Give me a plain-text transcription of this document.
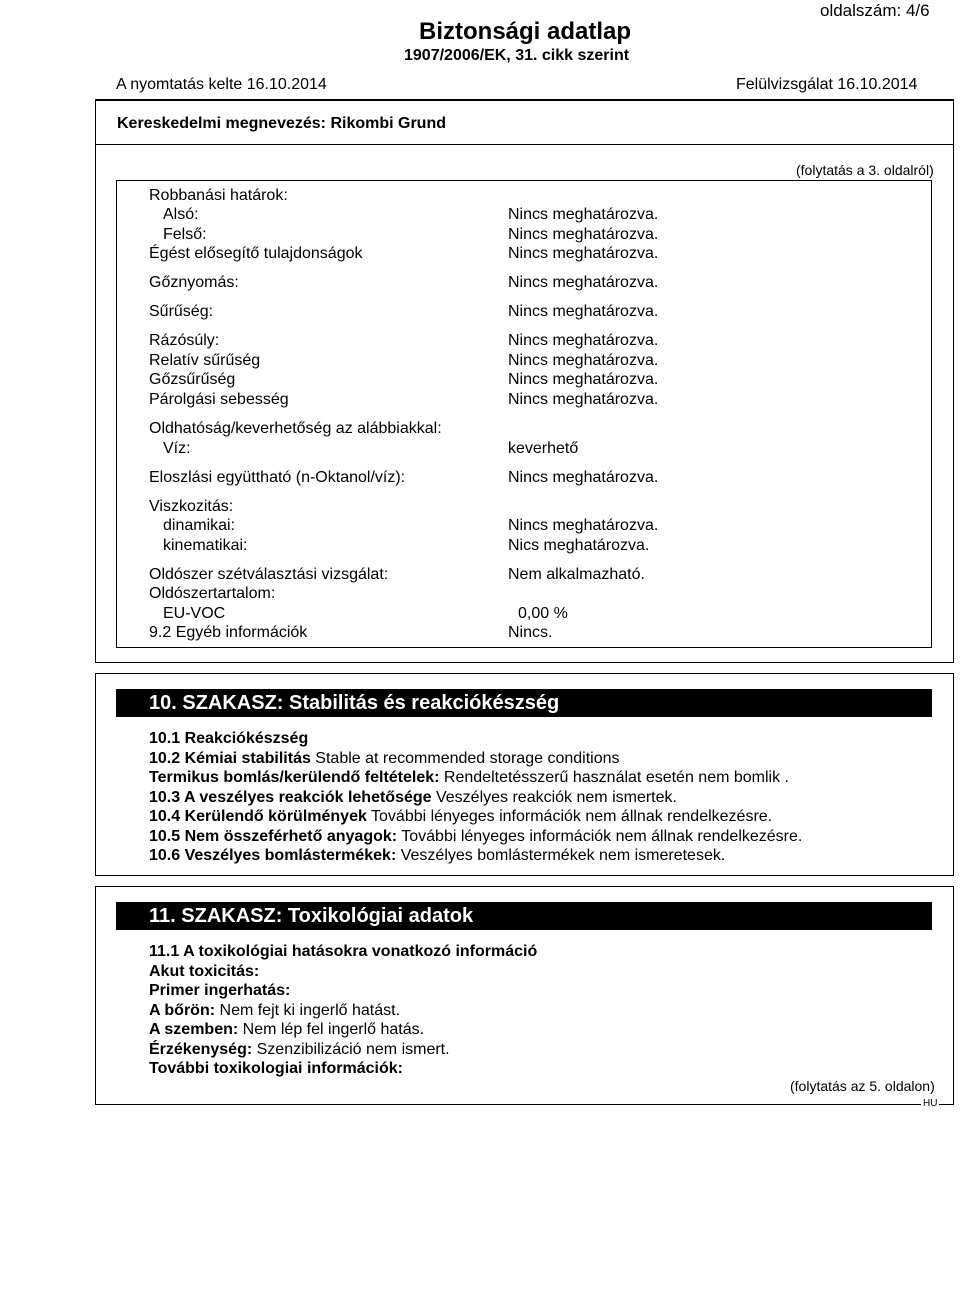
oldalszám: 4/6
Biztonsági adatlap
1907/2006/EK, 31. cikk szerint
A nyomtatás kelte 16.10.2014	Felülvizsgálat 16.10.2014
Kereskedelmi megnevezés: Rikombi Grund
(folytatás a 3. oldalról)
Robbanási határok:
Alsó:	Nincs meghatározva.
Felső:	Nincs meghatározva.
Égést elősegítő tulajdonságok	Nincs meghatározva.
Gőznyomás:	Nincs meghatározva.
Sűrűség:	Nincs meghatározva.
Rázósúly:	Nincs meghatározva.
Relatív sűrűség	Nincs meghatározva.
Gőzsűrűség	Nincs meghatározva.
Párolgási sebesség	Nincs meghatározva.
Oldhatóság/keverhetőség az alábbiakkal:
Víz:	keverhető
Eloszlási együttható (n-Oktanol/víz):	Nincs meghatározva.
Viszkozitás:
dinamikai:	Nincs meghatározva.
kinematikai:	Nics meghatározva.
Oldószer szétválasztási vizsgálat:	Nem alkalmazható.
Oldószertartalom:
EU-VOC	0,00 %
9.2 Egyéb információk	Nincs.
10. SZAKASZ: Stabilitás és reakciókészség
10.1 Reakciókészség
10.2 Kémiai stabilitás Stable at recommended storage conditions
Termikus bomlás/kerülendő feltételek: Rendeltetésszerű használat esetén nem bomlik .
10.3 A veszélyes reakciók lehetősége Veszélyes reakciók nem ismertek.
10.4 Kerülendő körülmények További lényeges információk nem állnak rendelkezésre.
10.5 Nem összeférhető anyagok: További lényeges információk nem állnak rendelkezésre.
10.6 Veszélyes bomlástermékek: Veszélyes bomlástermékek nem ismeretesek.
11. SZAKASZ: Toxikológiai adatok
11.1 A toxikológiai hatásokra vonatkozó információ
Akut toxicitás:
Primer ingerhatás:
A bőrön: Nem fejt ki ingerlő hatást.
A szemben: Nem lép fel ingerlő hatás.
Érzékenység: Szenzibilizáció nem ismert.
További toxikologiai információk:
(folytatás az 5. oldalon)
HU
